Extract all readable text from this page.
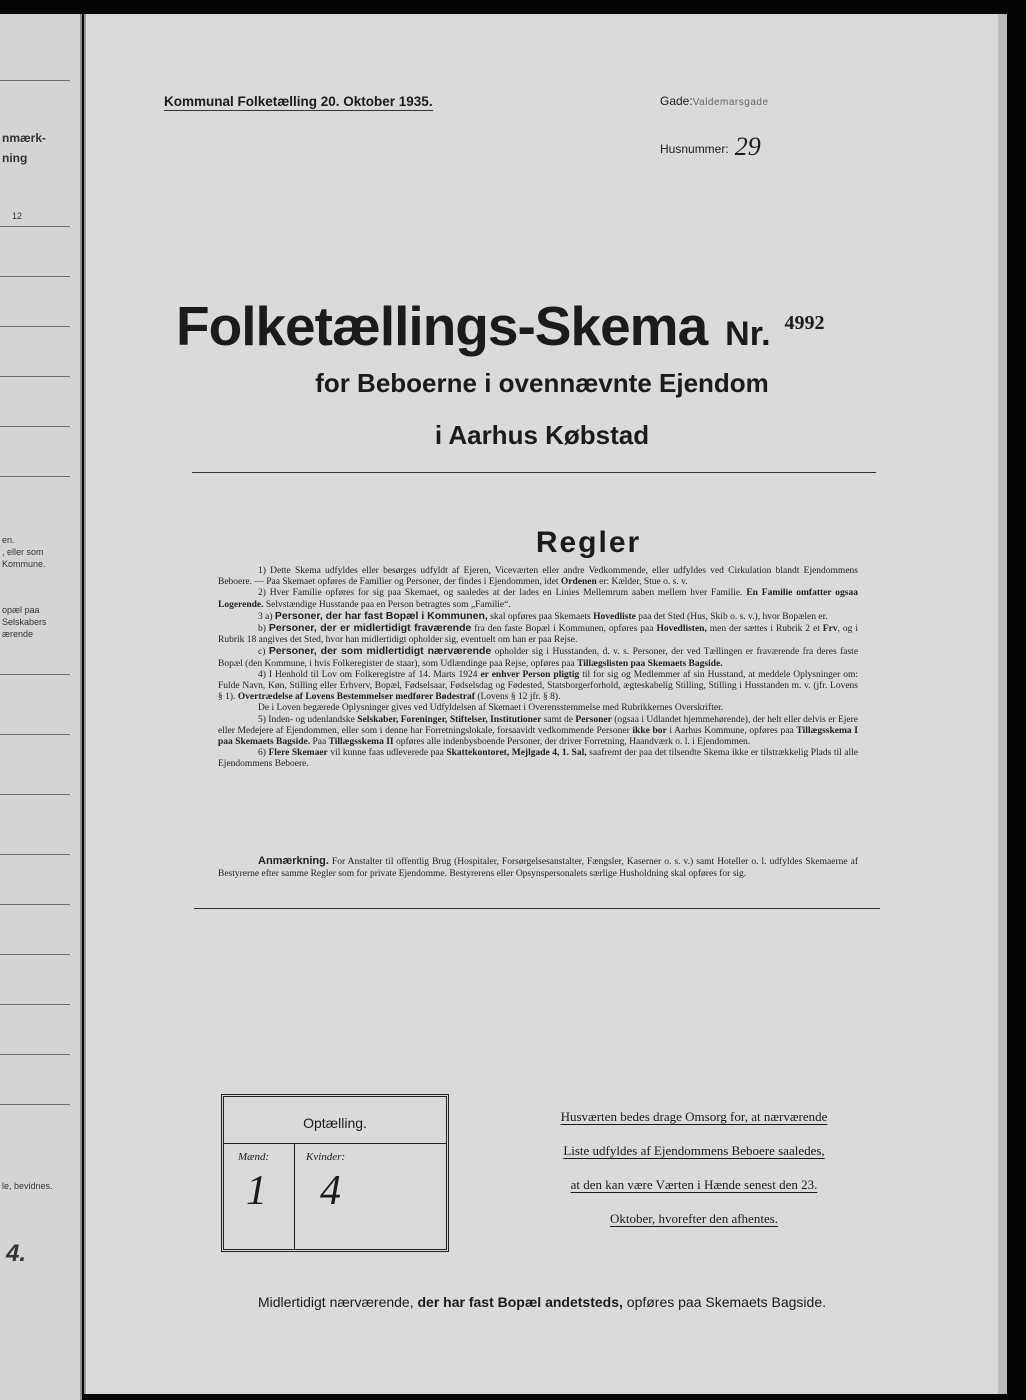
nmærk-
ning
12
en.
, eller som
Kommune.
opæl paa
Selskabers
ærende
le, bevidnes.
4.
Kommunal Folketælling 20. Oktober 1935.	Gade:Valdemarsgade
Husnummer: 29
Folketællings-Skema Nr. 4992
for Beboerne i ovennævnte Ejendom
i Aarhus Købstad
Regler

1) Dette Skema udfyldes eller besørges udfyldt af Ejeren, Viceværten eller andre Vedkommende, eller udfyldes ved Cirkulation blandt Ejendommens Beboere. — Paa Skemaet opføres de Familier og Personer, der findes i Ejendommen, idet Ordenen er: Kælder, Stue o. s. v.

2) Hver Familie opføres for sig paa Skemaet, og saaledes at der lades en Linies Mellemrum aaben mellem hver Familie. En Familie omfatter ogsaa Logerende. Selvstændige Husstande paa en Person betragtes som „Familie“.

3 a) Personer, der har fast Bopæl i Kommunen, skal opføres paa Skemaets Hovedliste paa det Sted (Hus, Skib o. s. v.), hvor Bopælen er.

b) Personer, der er midlertidigt fraværende fra den faste Bopæl i Kommunen, opføres paa Hovedlisten, men der sættes i Rubrik 2 et Frv, og i Rubrik 18 angives det Sted, hvor han midlertidigt opholder sig, eventuelt om han er paa Rejse.

c) Personer, der som midlertidigt nærværende opholder sig i Husstanden, d. v. s. Personer, der ved Tællingen er fraværende fra deres faste Bopæl (den Kommune, i hvis Folkeregister de staar), som Udlændinge paa Rejse, opføres paa Tillægslisten paa Skemaets Bagside.

4) I Henhold til Lov om Folkeregistre af 14. Marts 1924 er enhver Person pligtig til for sig og Medlemmer af sin Husstand, at meddele Oplysninger om: Fulde Navn, Køn, Stilling eller Erhverv, Bopæl, Fødselsaar, Fødselsdag og Fødested, Statsborgerforhold, ægteskabelig Stilling, Stilling i Husstanden m. v. (jfr. Lovens § 1). Overtrædelse af Lovens Bestemmelser medfører Bødestraf (Lovens § 12 jfr. § 8).

De i Loven begærede Oplysninger gives ved Udfyldelsen af Skemaet i Overensstemmelse med Rubrikkernes Overskrifter.

5) Inden- og udenlandske Selskaber, Foreninger, Stiftelser, Institutioner samt de Personer (ogsaa i Udlandet hjemmehørende), der helt eller delvis er Ejere eller Medejere af Ejendommen, eller som i denne har Forretningslokale, forsaavidt vedkommende Personer ikke bor i Aarhus Kommune, opføres paa Tillægsskema I paa Skemaets Bagside. Paa Tillægsskema II opføres alle indenbysboende Personer, der driver Forretning, Haandværk o. l. i Ejendommen.

6) Flere Skemaer vil kunne faas udleverede paa Skattekontoret, Mejlgade 4, 1. Sal, saafremt der paa det tilsendte Skema ikke er tilstrækkelig Plads til alle Ejendommens Beboere.

Anmærkning. For Anstalter til offentlig Brug (Hospitaler, Forsørgelsesanstalter, Fængsler, Kaserner o. s. v.) samt Hoteller o. l. udfyldes Skemaerne af Bestyrerne efter samme Regler som for private Ejendomme. Bestyrerens eller Opsynspersonalets særlige Husholdning skal opføres for sig.
Optælling.
Mænd:	Kvinder:
1 4
Husværten bedes drage Omsorg for, at nærværende
Liste udfyldes af Ejendommens Beboere saaledes,
at den kan være Værten i Hænde senest den 23.
Oktober, hvorefter den afhentes.
Midlertidigt nærværende, der har fast Bopæl andetsteds, opføres paa Skemaets Bagside.
